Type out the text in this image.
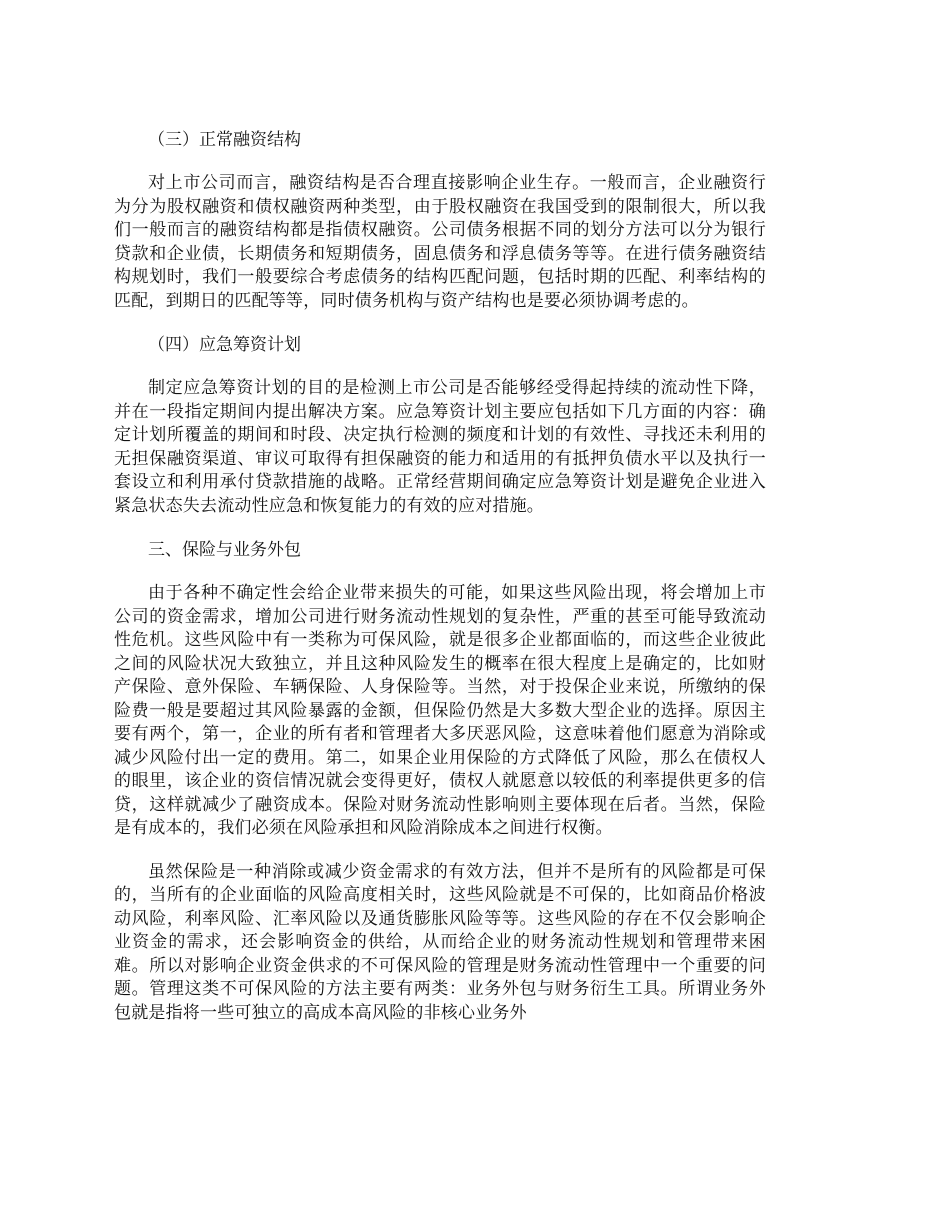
（三）正常融资结构

对上市公司而言，融资结构是否合理直接影响企业生存。一般而言，企业融资行为分为股权融资和债权融资两种类型，由于股权融资在我国受到的限制很大，所以我们一般而言的融资结构都是指债权融资。公司债务根据不同的划分方法可以分为银行贷款和企业债，长期债务和短期债务，固息债务和浮息债务等等。在进行债务融资结构规划时，我们一般要综合考虑债务的结构匹配问题，包括时期的匹配、利率结构的匹配，到期日的匹配等等，同时债务机构与资产结构也是要必须协调考虑的。

（四）应急筹资计划

制定应急筹资计划的目的是检测上市公司是否能够经受得起持续的流动性下降，并在一段指定期间内提出解决方案。应急筹资计划主要应包括如下几方面的内容：确定计划所覆盖的期间和时段、决定执行检测的频度和计划的有效性、寻找还未利用的无担保融资渠道、审议可取得有担保融资的能力和适用的有抵押负债水平以及执行一套设立和利用承付贷款措施的战略。正常经营期间确定应急筹资计划是避免企业进入紧急状态失去流动性应急和恢复能力的有效的应对措施。

三、保险与业务外包

由于各种不确定性会给企业带来损失的可能，如果这些风险出现，将会增加上市公司的资金需求，增加公司进行财务流动性规划的复杂性，严重的甚至可能导致流动性危机。这些风险中有一类称为可保风险，就是很多企业都面临的，而这些企业彼此之间的风险状况大致独立，并且这种风险发生的概率在很大程度上是确定的，比如财产保险、意外保险、车辆保险、人身保险等。当然，对于投保企业来说，所缴纳的保险费一般是要超过其风险暴露的金额，但保险仍然是大多数大型企业的选择。原因主要有两个，第一，企业的所有者和管理者大多厌恶风险，这意味着他们愿意为消除或减少风险付出一定的费用。第二，如果企业用保险的方式降低了风险，那么在债权人的眼里，该企业的资信情况就会变得更好，债权人就愿意以较低的利率提供更多的信贷，这样就减少了融资成本。保险对财务流动性影响则主要体现在后者。当然，保险是有成本的，我们必须在风险承担和风险消除成本之间进行权衡。

虽然保险是一种消除或减少资金需求的有效方法，但并不是所有的风险都是可保的，当所有的企业面临的风险高度相关时，这些风险就是不可保的，比如商品价格波动风险，利率风险、汇率风险以及通货膨胀风险等等。这些风险的存在不仅会影响企业资金的需求，还会影响资金的供给，从而给企业的财务流动性规划和管理带来困难。所以对影响企业资金供求的不可保风险的管理是财务流动性管理中一个重要的问题。管理这类不可保风险的方法主要有两类：业务外包与财务衍生工具。所谓业务外包就是指将一些可独立的高成本高风险的非核心业务外
